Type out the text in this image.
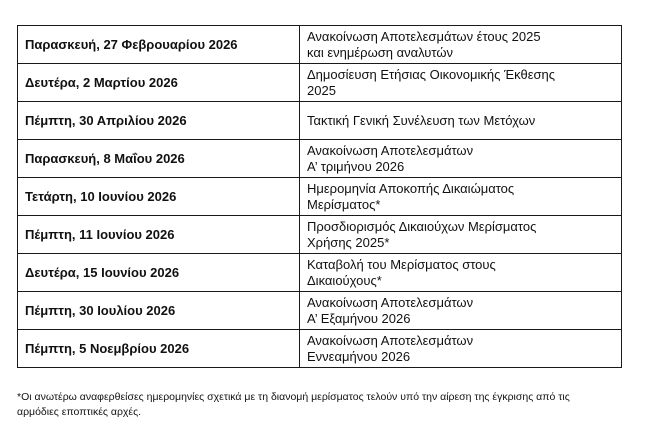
Παρασκευή, 27 Φεβρουαρίου 2026	Ανακοίνωση Αποτελεσμάτων έτους 2025
και ενημέρωση αναλυτών

Δευτέρα, 2 Μαρτίου 2026	Δημοσίευση Ετήσιας Οικονομικής Έκθεσης
2025

Πέμπτη, 30 Απριλίου 2026	Τακτική Γενική Συνέλευση των Μετόχων

Παρασκευή, 8 Μαΐου 2026	Ανακοίνωση Αποτελεσμάτων
Α’ τριμήνου 2026

Τετάρτη, 10 Ιουνίου 2026	Ημερομηνία Αποκοπής Δικαιώματος
Μερίσματος*

Πέμπτη, 11 Ιουνίου 2026	Προσδιορισμός Δικαιούχων Μερίσματος
Χρήσης 2025*

Δευτέρα, 15 Ιουνίου 2026	Καταβολή του Μερίσματος στους
Δικαιούχους*

Πέμπτη, 30 Ιουλίου 2026	Ανακοίνωση Αποτελεσμάτων
Α’ Εξαμήνου 2026

Πέμπτη, 5 Νοεμβρίου 2026	Ανακοίνωση Αποτελεσμάτων
Εννεαμήνου 2026
*Οι ανωτέρω αναφερθείσες ημερομηνίες σχετικά με τη διανομή μερίσματος τελούν υπό την αίρεση της έγκρισης από τις
αρμόδιες εποπτικές αρχές.
